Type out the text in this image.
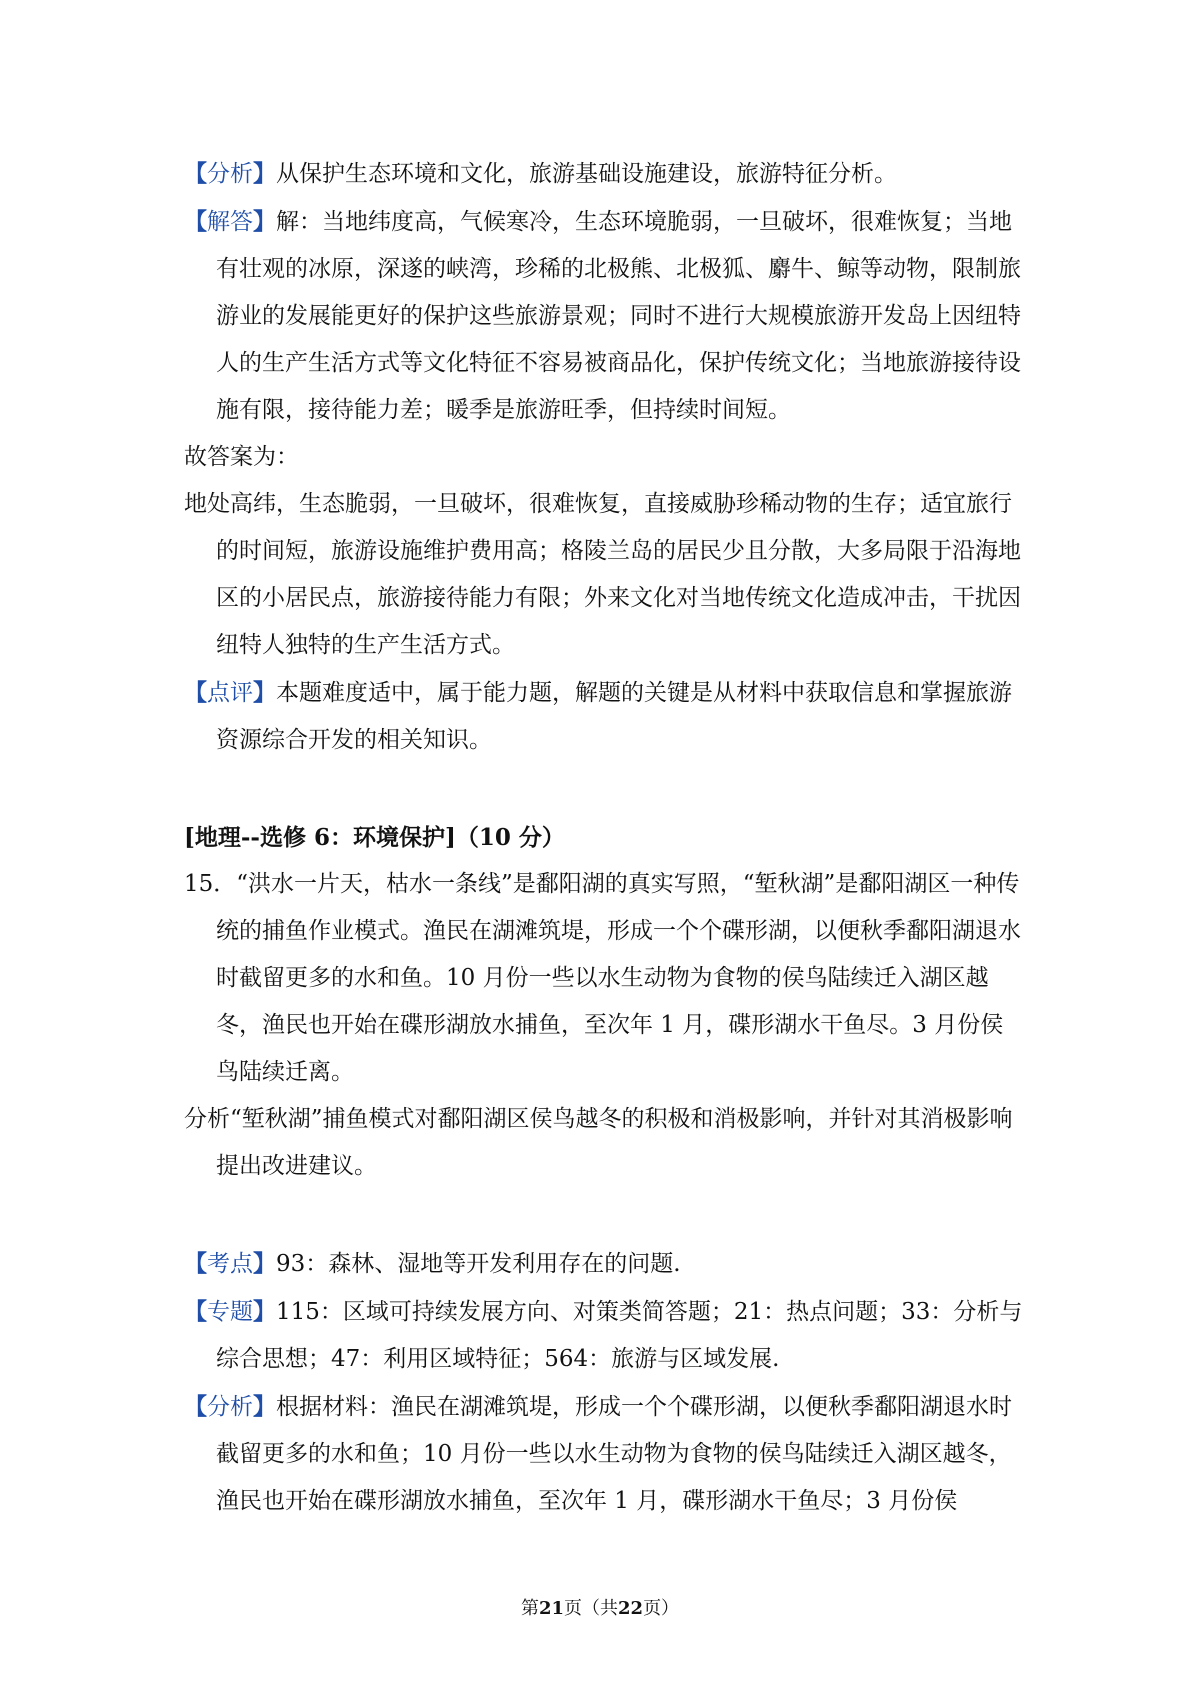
【分析】从保护生态环境和文化，旅游基础设施建设，旅游特征分析。

【解答】解：当地纬度高，气候寒冷，生态环境脆弱，一旦破坏，很难恢复；当地有壮观的冰原，深遂的峡湾，珍稀的北极熊、北极狐、麝牛、鲸等动物，限制旅游业的发展能更好的保护这些旅游景观；同时不进行大规模旅游开发岛上因纽特人的生产生活方式等文化特征不容易被商品化，保护传统文化；当地旅游接待设施有限，接待能力差；暖季是旅游旺季，但持续时间短。

故答案为：

地处高纬，生态脆弱，一旦破坏，很难恢复，直接威胁珍稀动物的生存；适宜旅行的时间短，旅游设施维护费用高；格陵兰岛的居民少且分散，大多局限于沿海地区的小居民点，旅游接待能力有限；外来文化对当地传统文化造成冲击，干扰因纽特人独特的生产生活方式。

【点评】本题难度适中，属于能力题，解题的关键是从材料中获取信息和掌握旅游资源综合开发的相关知识。

[地理--选修 6：环境保护]（10 分）

15．“洪水一片天，枯水一条线”是鄱阳湖的真实写照，“堑秋湖”是鄱阳湖区一种传统的捕鱼作业模式。渔民在湖滩筑堤，形成一个个碟形湖，以便秋季鄱阳湖退水时截留更多的水和鱼。10 月份一些以水生动物为食物的侯鸟陆续迁入湖区越冬，渔民也开始在碟形湖放水捕鱼，至次年 1 月，碟形湖水干鱼尽。3 月份侯鸟陆续迁离。

分析“堑秋湖”捕鱼模式对鄱阳湖区侯鸟越冬的积极和消极影响，并针对其消极影响提出改进建议。

【考点】93：森林、湿地等开发利用存在的问题.

【专题】115：区域可持续发展方向、对策类简答题；21：热点问题；33：分析与综合思想；47：利用区域特征；564：旅游与区域发展.

【分析】根据材料：渔民在湖滩筑堤，形成一个个碟形湖，以便秋季鄱阳湖退水时截留更多的水和鱼；10 月份一些以水生动物为食物的侯鸟陆续迁入湖区越冬，渔民也开始在碟形湖放水捕鱼，至次年 1 月，碟形湖水干鱼尽；3 月份侯

第21页（共22页）
